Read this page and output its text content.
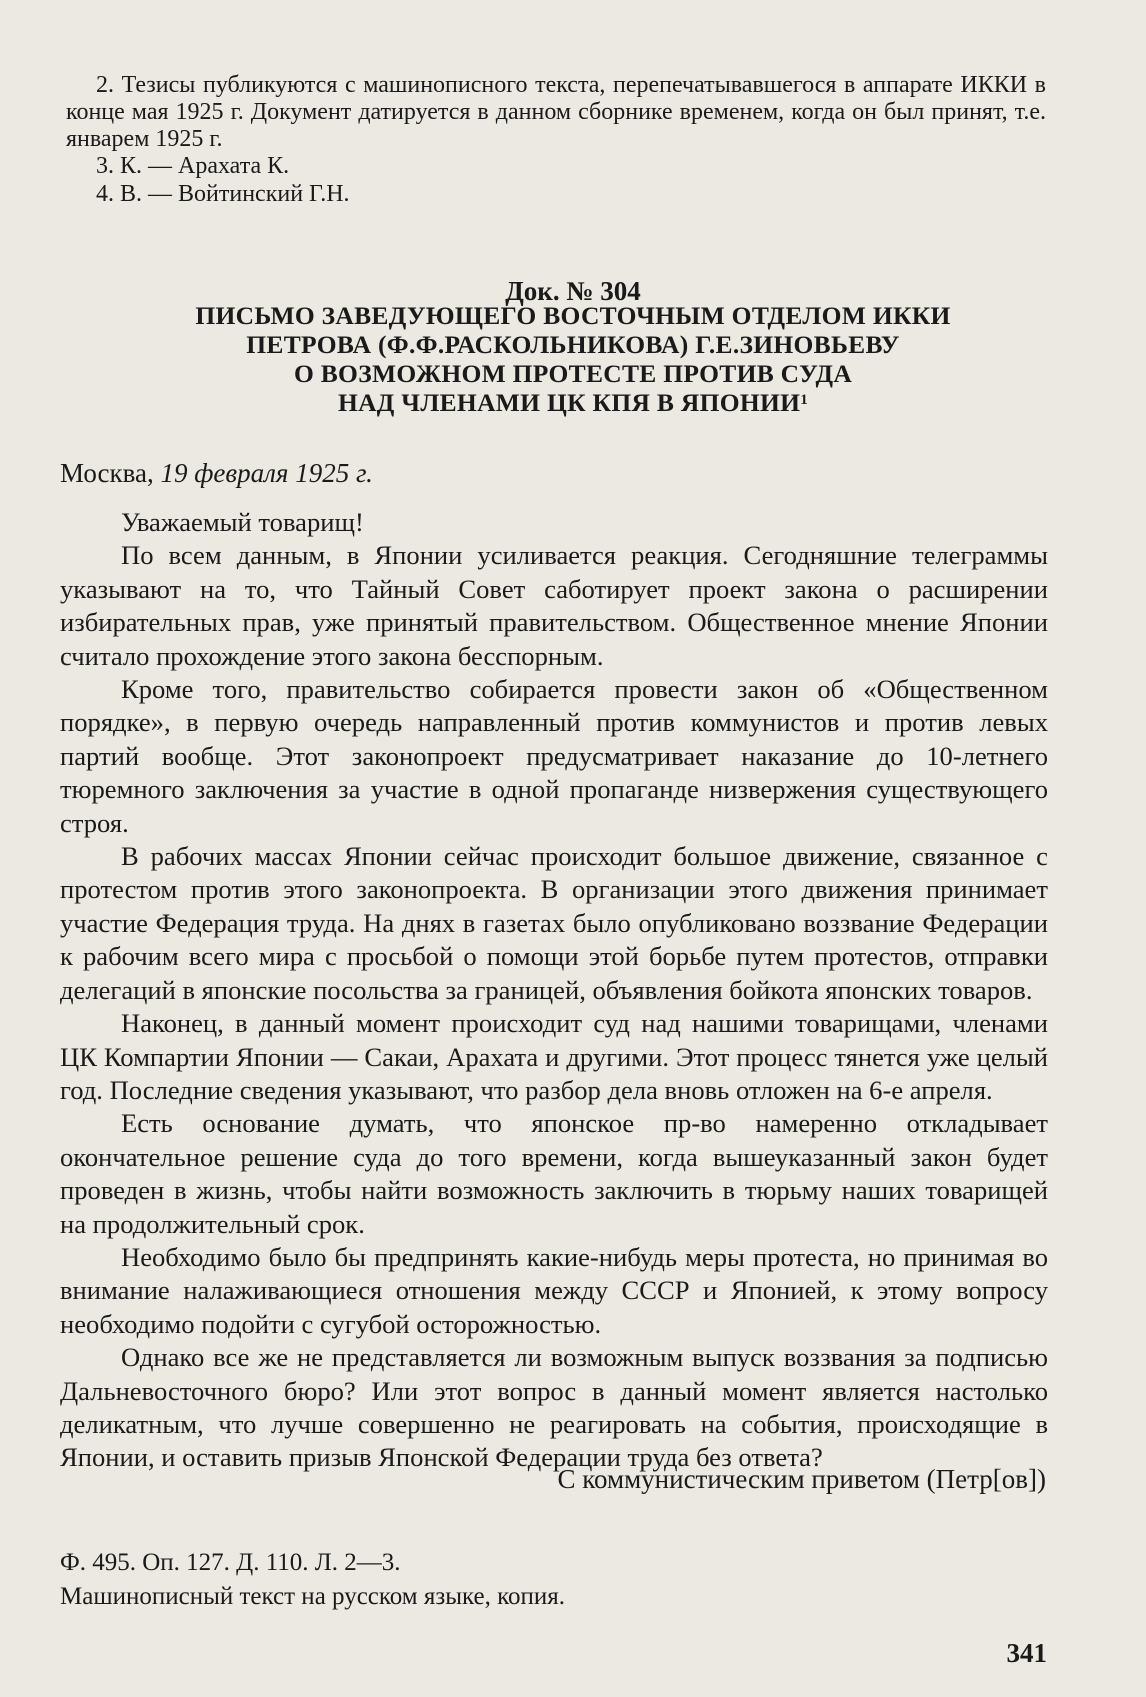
2. Тезисы публикуются с машинописного текста, перепечатывавшегося в аппарате ИККИ в конце мая 1925 г. Документ датируется в данном сборнике временем, когда он был принят, т.е. январем 1925 г.

3. К. — Арахата К.

4. В. — Войтинский Г.Н.

Док. № 304
ПИСЬМО ЗАВЕДУЮЩЕГО ВОСТОЧНЫМ ОТДЕЛОМ ИККИ
ПЕТРОВА (Ф.Ф.РАСКОЛЬНИКОВА) Г.Е.ЗИНОВЬЕВУ
О ВОЗМОЖНОМ ПРОТЕСТЕ ПРОТИВ СУДА
НАД ЧЛЕНАМИ ЦК КПЯ В ЯПОНИИ$^1$
Москва, 19 февраля 1925 г.

Уважаемый товарищ!

По всем данным, в Японии усиливается реакция. Сегодняшние телеграммы указывают на то, что Тайный Совет саботирует проект закона о расширении избирательных прав, уже принятый правительством. Общественное мнение Японии считало прохождение этого закона бесспорным.

Кроме того, правительство собирается провести закон об «Общественном порядке», в первую очередь направленный против коммунистов и против левых партий вообще. Этот законопроект предусматривает наказание до 10-летнего тюремного заключения за участие в одной пропаганде низвержения существующего строя.

В рабочих массах Японии сейчас происходит большое движение, связанное с протестом против этого законопроекта. В организации этого движения принимает участие Федерация труда. На днях в газетах было опубликовано воззвание Федерации к рабочим всего мира с просьбой о помощи этой борьбе путем протестов, отправки делегаций в японские посольства за границей, объявления бойкота японских товаров.

Наконец, в данный момент происходит суд над нашими товарищами, членами ЦК Компартии Японии — Сакаи, Арахата и другими. Этот процесс тянется уже целый год. Последние сведения указывают, что разбор дела вновь отложен на 6-е апреля.

Есть основание думать, что японское пр-во намеренно откладывает окончательное решение суда до того времени, когда вышеуказанный закон будет проведен в жизнь, чтобы найти возможность заключить в тюрьму наших товарищей на продолжительный срок.

Необходимо было бы предпринять какие-нибудь меры протеста, но принимая во внимание налаживающиеся отношения между СССР и Японией, к этому вопросу необходимо подойти с сугубой осторожностью.

Однако все же не представляется ли возможным выпуск воззвания за подписью Дальневосточного бюро? Или этот вопрос в данный момент является настолько деликатным, что лучше совершенно не реагировать на события, происходящие в Японии, и оставить призыв Японской Федерации труда без ответа?

С коммунистическим приветом (Петр[ов])
Ф. 495. Оп. 127. Д. 110. Л. 2—3.
Машинописный текст на русском языке, копия.
341
